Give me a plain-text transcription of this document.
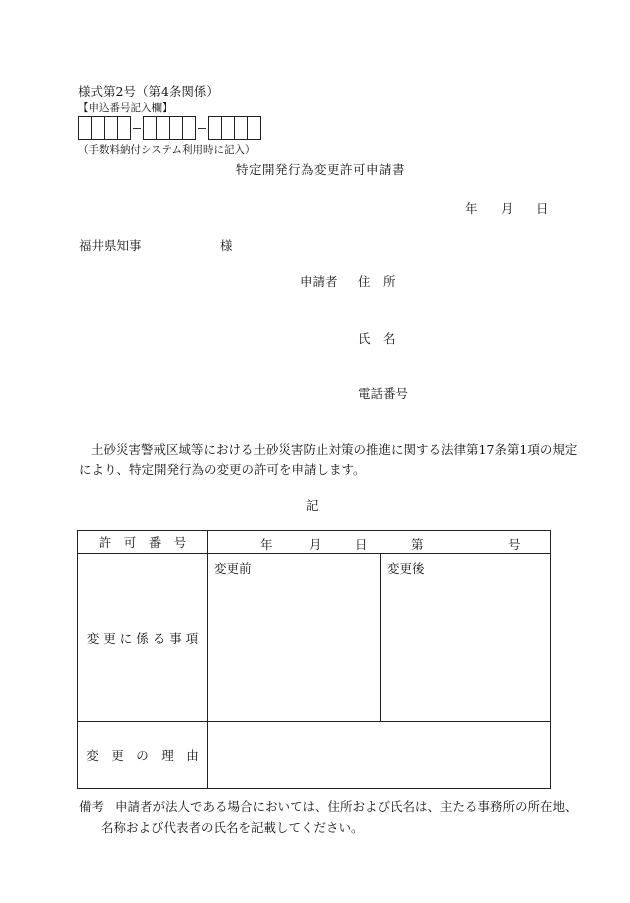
様式第2号（第4条関係）
【申込番号記入欄】
（手数料納付システム利用時に記入）
特定開発行為変更許可申請書
年 月 日
福井県知事	様
申請者 住　所
氏　名
電話番号
土砂災害警戒区域等における土砂災害防止対策の推進に関する法律第17条第1項の規定
により、特定開発行為の変更の許可を申請します。
記
許　可　番　号	年 月 日 第 号

変 更 に 係 る 事 項	変更前 変更後

変　更　の　理　由	
備考 申請者が法人である場合においては、住所および氏名は、主たる事務所の所在地、
名称および代表者の氏名を記載してください。
